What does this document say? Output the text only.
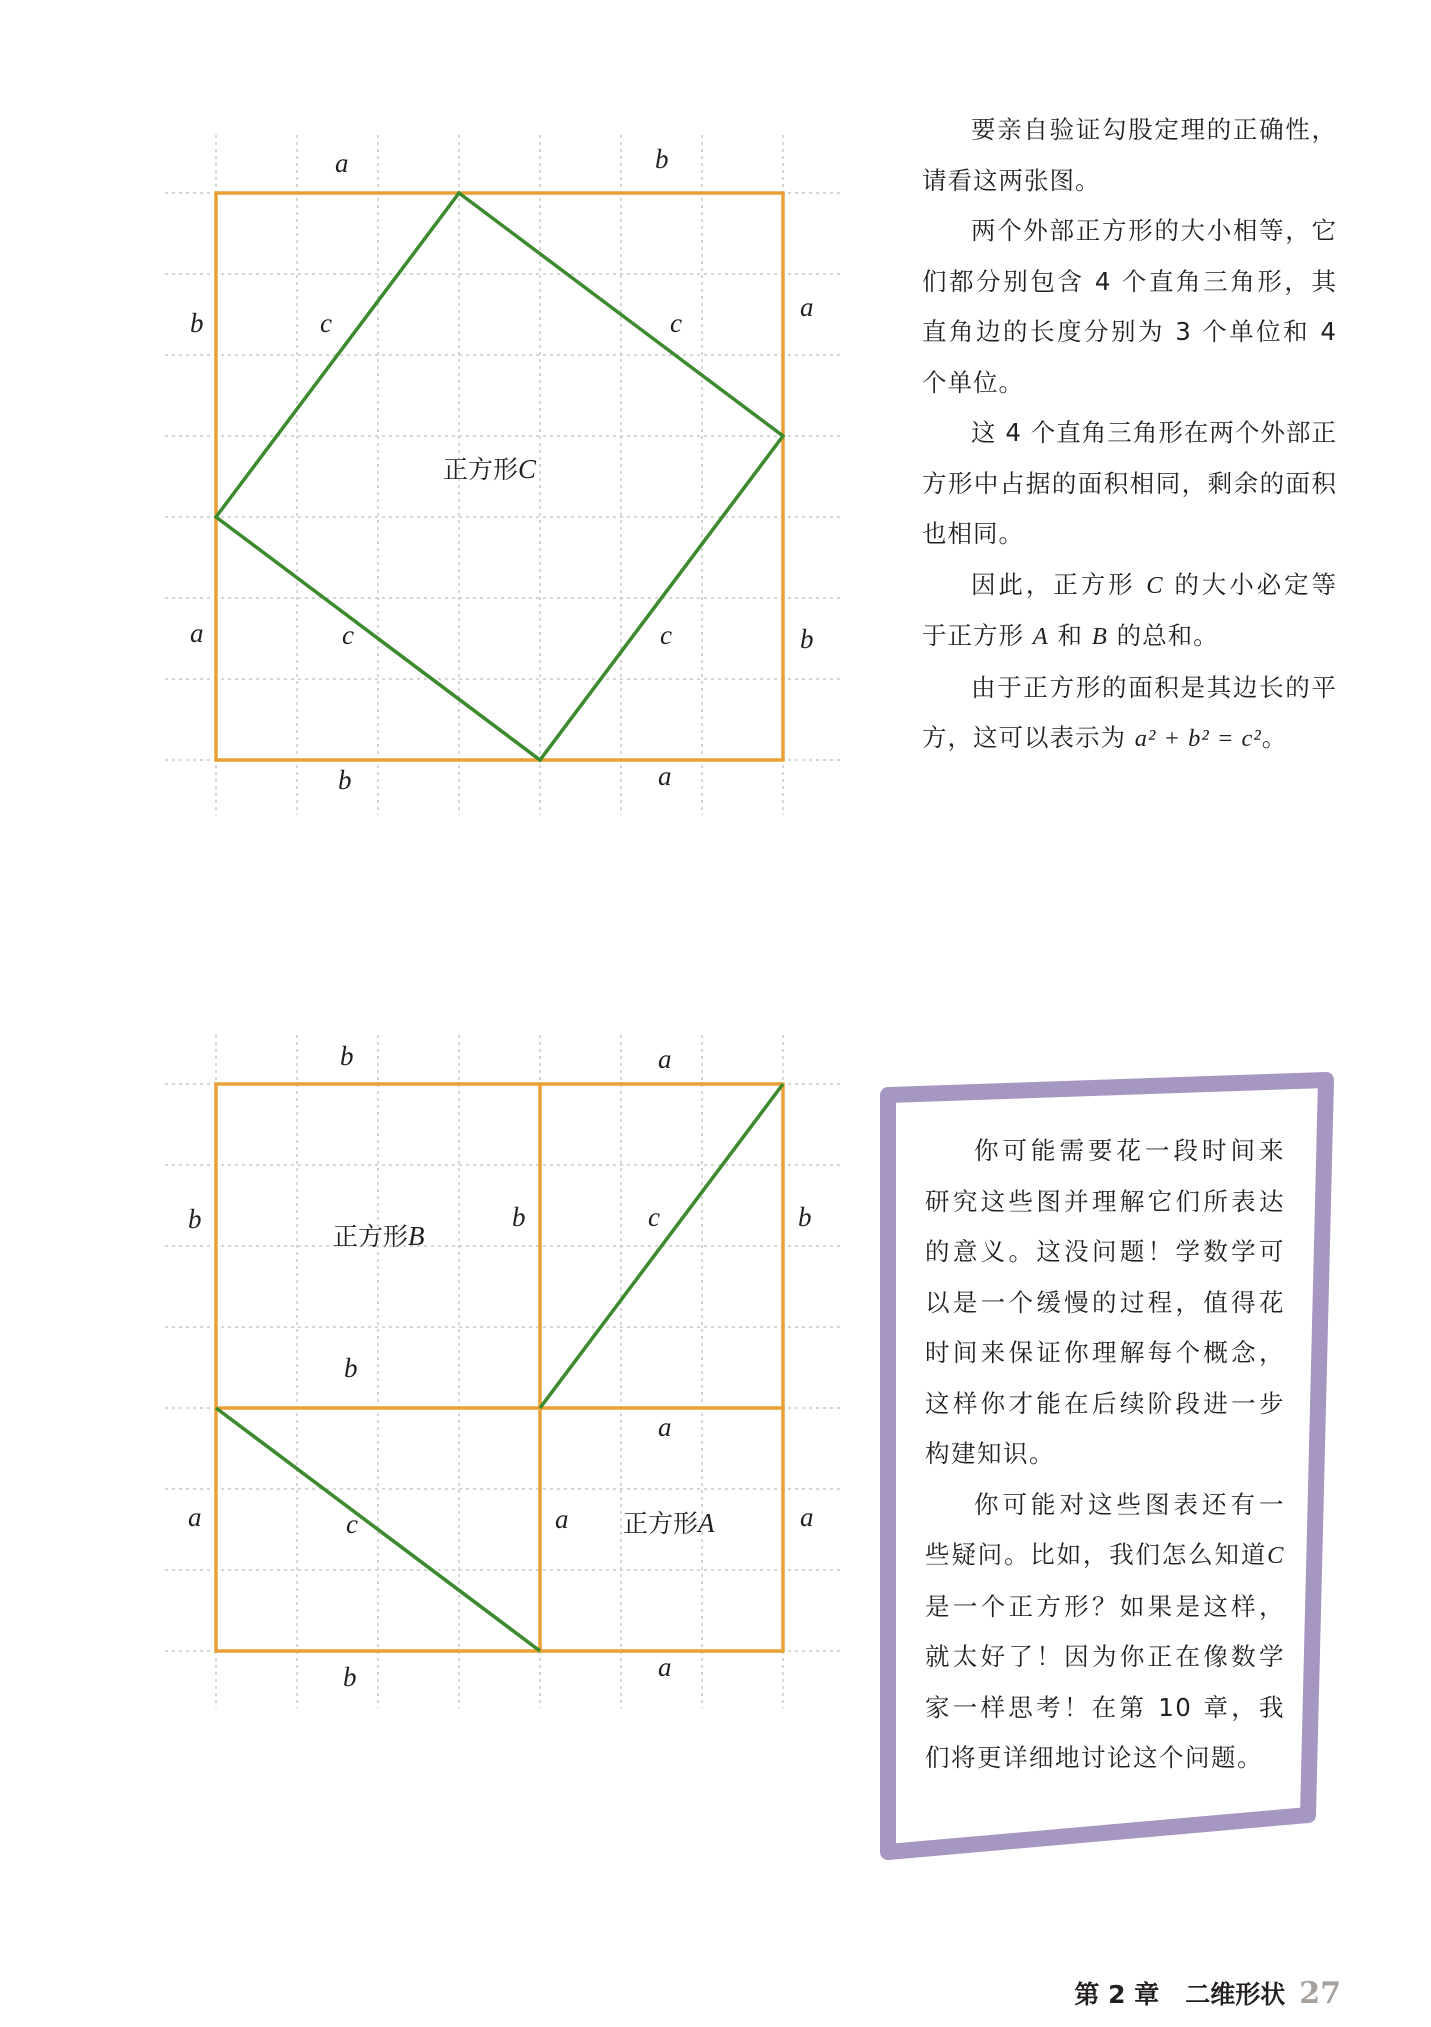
a	b
b
a
a
b
b	a
c	c
c	c
正方形C
b	a
b
a
b
a
b	a
b
b
a
a
c
c
正方形B
正方形A

要亲自验证勾股定理的正确性，请看这两张图。

两个外部正方形的大小相等，它们都分别包含 4 个直角三角形，其直角边的长度分别为 3 个单位和 4 个单位。

这 4 个直角三角形在两个外部正方形中占据的面积相同，剩余的面积也相同。

因此，正方形 C 的大小必定等于正方形 A 和 B 的总和。

由于正方形的面积是其边长的平方，这可以表示为 a² + b² = c²。

你可能需要花一段时间来研究这些图并理解它们所表达的意义。这没问题！学数学可以是一个缓慢的过程，值得花时间来保证你理解每个概念，这样你才能在后续阶段进一步构建知识。

你可能对这些图表还有一些疑问。比如，我们怎么知道C是一个正方形？如果是这样，就太好了！因为你正在像数学家一样思考！在第 10 章，我们将更详细地讨论这个问题。

第 2 章 二维形状 27
